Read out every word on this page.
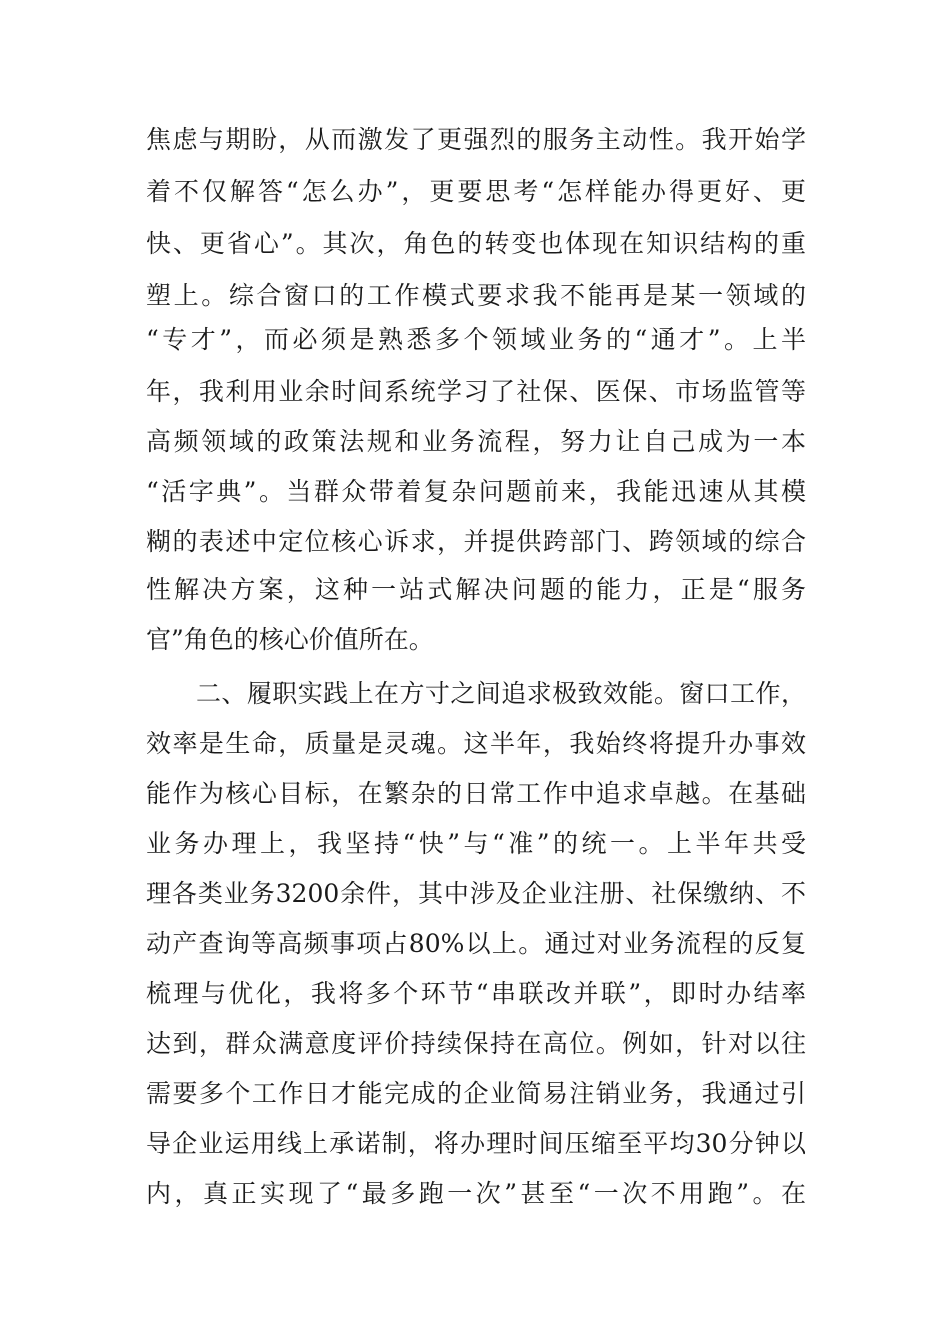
焦虑与期盼，从而激发了更强烈的服务主动性。我开始学
着不仅解答“怎么办”，更要思考“怎样能办得更好、更
快、更省心”。其次，角色的转变也体现在知识结构的重
塑上。综合窗口的工作模式要求我不能再是某一领域的
“专才”，而必须是熟悉多个领域业务的“通才”。上半
年，我利用业余时间系统学习了社保、医保、市场监管等
高频领域的政策法规和业务流程，努力让自己成为一本
“活字典”。当群众带着复杂问题前来，我能迅速从其模
糊的表述中定位核心诉求，并提供跨部门、跨领域的综合
性解决方案，这种一站式解决问题的能力，正是“服务
官”角色的核心价值所在。
二、履职实践上在方寸之间追求极致效能。窗口工作，
效率是生命，质量是灵魂。这半年，我始终将提升办事效
能作为核心目标，在繁杂的日常工作中追求卓越。在基础
业务办理上，我坚持“快”与“准”的统一。上半年共受
理各类业务3200余件，其中涉及企业注册、社保缴纳、不
动产查询等高频事项占80%以上。通过对业务流程的反复
梳理与优化，我将多个环节“串联改并联”，即时办结率
达到，群众满意度评价持续保持在高位。例如，针对以往
需要多个工作日才能完成的企业简易注销业务，我通过引
导企业运用线上承诺制，将办理时间压缩至平均30分钟以
内，真正实现了“最多跑一次”甚至“一次不用跑”。在
